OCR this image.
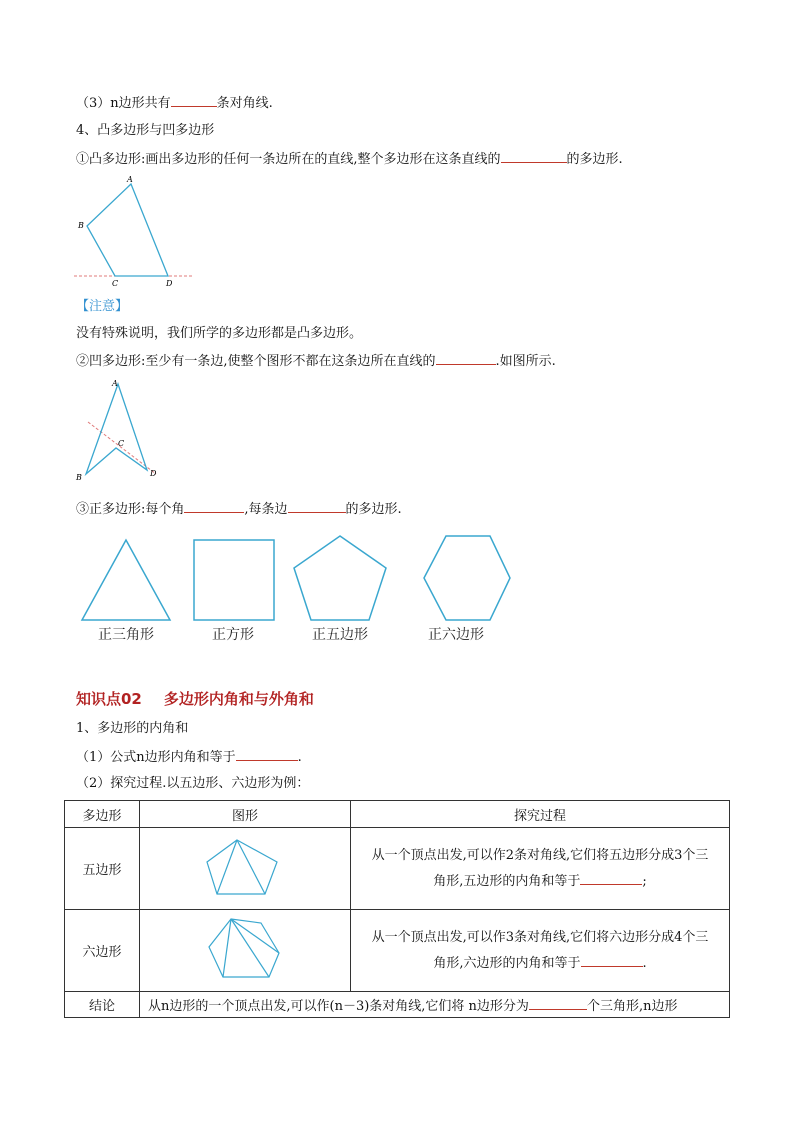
（3）n边形共有	条对角线.
4、凸多边形与凹多边形
①凸多边形:画出多边形的任何一条边所在的直线,整个多边形在这条直线的	的多边形.
A
B
C	D
【注意】
没有特殊说明，我们所学的多边形都是凸多边形。
②凹多边形:至少有一条边,使整个图形不都在这条边所在直线的	.如图所示.
A
B
C
D
③正多边形:每个角	,每条边	的多边形.
正三角形	正方形	正五边形	正六边形
知识点02 多边形内角和与外角和
1、多边形的内角和
（1）公式n边形内角和等于	.
（2）探究过程.以五边形、六边形为例：
多边形	图形	探究过程
五边形		从一个顶点出发,可以作2条对角线,它们将五边形分成3个三
角形,五边形的内角和等于 ;

六边形		从一个顶点出发,可以作3条对角线,它们将六边形分成4个三
角形,六边形的内角和等于 .

结论	从n边形的一个顶点出发,可以作(n－3)条对角线,它们将 n边形分为 个三角形,n边形	
